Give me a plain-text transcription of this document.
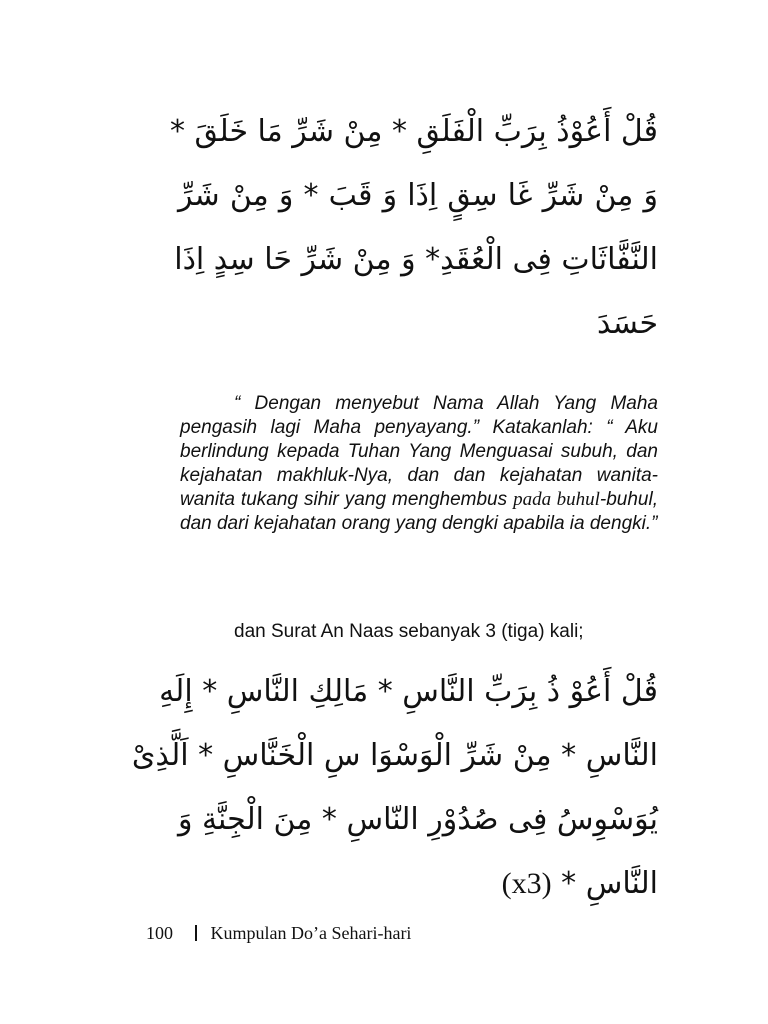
قُلْ أَعُوْذُ بِرَبِّ الْفَلَقِ * مِنْ شَرِّ مَا خَلَقَ *
وَ مِنْ شَرِّ غَا سِقٍ اِذَا وَ قَبَ * وَ مِنْ شَرِّ
النَّفَّاثَاتِ فِى الْعُقَدِ* وَ مِنْ شَرِّ حَا سِدٍ اِذَا
حَسَدَ
“ Dengan menyebut Nama Allah Yang Maha pengasih lagi Maha penyayang.” Katakanlah: “ Aku berlindung kepada Tuhan Yang Menguasai subuh, dan kejahatan makhluk-Nya, dan dan kejahatan wanita-wanita tukang sihir yang menghembus pada buhul-buhul, dan dari kejahatan orang yang dengki apabila ia dengki.”
dan Surat An Naas sebanyak 3 (tiga) kali;
قُلْ أَعُوْ ذُ بِرَبِّ النَّاسِ * مَالِكِ النَّاسِ * إِلَهِ
النَّاسِ * مِنْ شَرِّ الْوَسْوَا سِ الْخَنَّاسِ * اَلَّذِىْ
يُوَسْوِسُ فِى صُدُوْرِ النّاسِ * مِنَ الْجِنَّةِ وَ
النَّاسِ * (x3)
100 Kumpulan Do’a Sehari-hari
